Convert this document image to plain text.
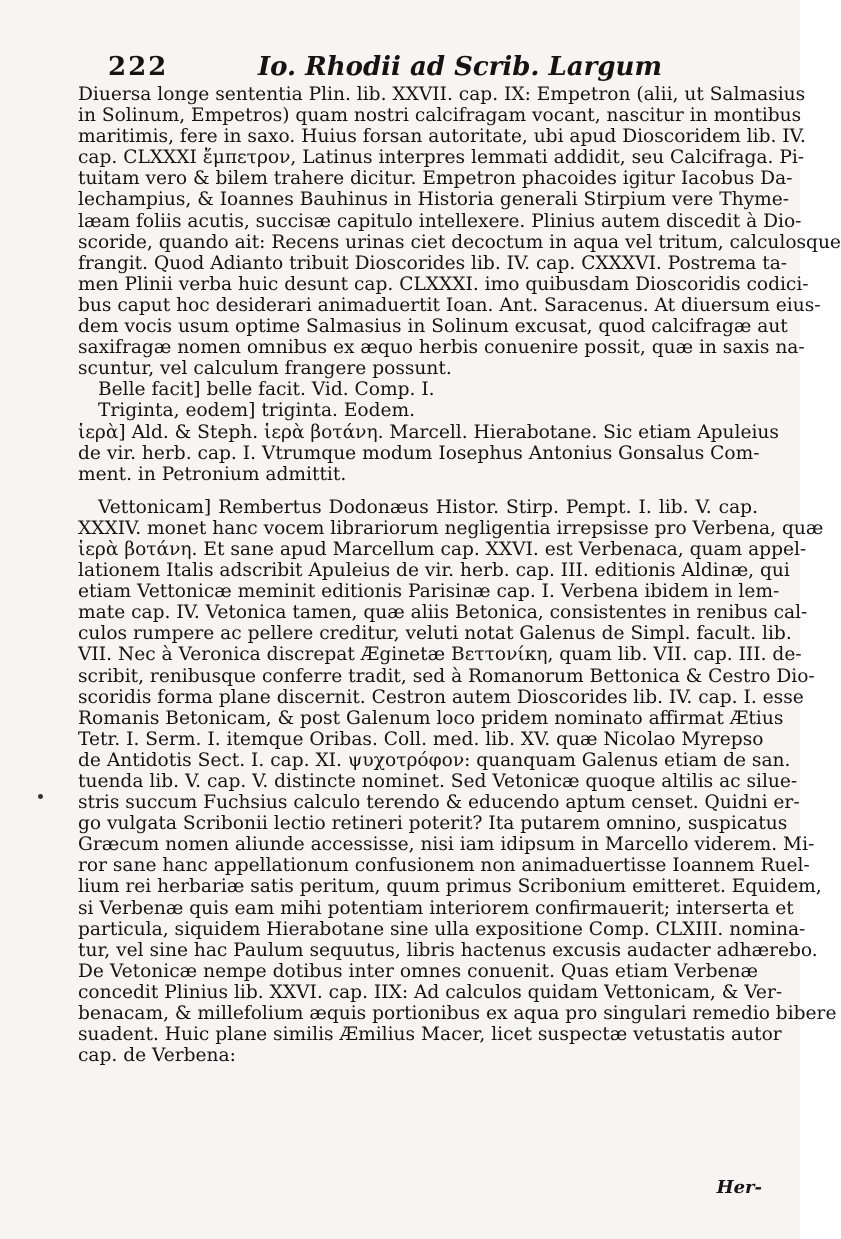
222	Io. Rhodii ad Scrib. Largum
Diuersa longe sententia Plin. lib. XXVII. cap. IX: Empetron (alii, ut Salmasius
in Solinum, Empetros) quam nostri calcifragam vocant, nascitur in montibus
maritimis, fere in saxo. Huius forsan autoritate, ubi apud Dioscoridem lib. IV.
cap. CLXXXI ἔμπετρον, Latinus interpres lemmati addidit, seu Calcifraga. Pi-
tuitam vero & bilem trahere dicitur. Empetron phacoides igitur Iacobus Da-
lechampius, & Ioannes Bauhinus in Historia generali Stirpium vere Thyme-
læam foliis acutis, succisæ capitulo intellexere. Plinius autem discedit à Dio-
scoride, quando ait: Recens urinas ciet decoctum in aqua vel tritum, calculosque
frangit. Quod Adianto tribuit Dioscorides lib. IV. cap. CXXXVI. Postrema ta-
men Plinii verba huic desunt cap. CLXXXI. imo quibusdam Dioscoridis codici-
bus caput hoc desiderari animaduertit Ioan. Ant. Saracenus. At diuersum eius-
dem vocis usum optime Salmasius in Solinum excusat, quod calcifragæ aut
saxifragæ nomen omnibus ex æquo herbis conuenire possit, quæ in saxis na-
scuntur, vel calculum frangere possunt.
Belle facit] belle facit. Vid. Comp. I.
Triginta, eodem] triginta. Eodem.
ἱερὰ] Ald. & Steph. ἱερὰ βοτάνη. Marcell. Hierabotane. Sic etiam Apuleius
de vir. herb. cap. I. Vtrumque modum Iosephus Antonius Gonsalus Com-
ment. in Petronium admittit.
Vettonicam] Rembertus Dodonæus Histor. Stirp. Pempt. I. lib. V. cap.
XXXIV. monet hanc vocem librariorum negligentia irrepsisse pro Verbena, quæ
ἱερὰ βοτάνη. Et sane apud Marcellum cap. XXVI. est Verbenaca, quam appel-
lationem Italis adscribit Apuleius de vir. herb. cap. III. editionis Aldinæ, qui
etiam Vettonicæ meminit editionis Parisinæ cap. I. Verbena ibidem in lem-
mate cap. IV. Vetonica tamen, quæ aliis Betonica, consistentes in renibus cal-
culos rumpere ac pellere creditur, veluti notat Galenus de Simpl. facult. lib.
VII. Nec à Veronica discrepat Æginetæ Βεττονίκη, quam lib. VII. cap. III. de-
scribit, renibusque conferre tradit, sed à Romanorum Bettonica & Cestro Dio-
scoridis forma plane discernit. Cestron autem Dioscorides lib. IV. cap. I. esse
Romanis Betonicam, & post Galenum loco pridem nominato affirmat Ætius
Tetr. I. Serm. I. itemque Oribas. Coll. med. lib. XV. quæ Nicolao Myrepso
de Antidotis Sect. I. cap. XI. ψυχοτρόφον: quanquam Galenus etiam de san.
tuenda lib. V. cap. V. distincte nominet. Sed Vetonicæ quoque altilis ac silue-
stris succum Fuchsius calculo terendo & educendo aptum censet. Quidni er-
go vulgata Scribonii lectio retineri poterit? Ita putarem omnino, suspicatus
Græcum nomen aliunde accessisse, nisi iam idipsum in Marcello viderem. Mi-
ror sane hanc appellationum confusionem non animaduertisse Ioannem Ruel-
lium rei herbariæ satis peritum, quum primus Scribonium emitteret. Equidem,
si Verbenæ quis eam mihi potentiam interiorem confirmauerit; interserta et
particula, siquidem Hierabotane sine ulla expositione Comp. CLXIII. nomina-
tur, vel sine hac Paulum sequutus, libris hactenus excusis audacter adhærebo.
De Vetonicæ nempe dotibus inter omnes conuenit. Quas etiam Verbenæ
concedit Plinius lib. XXVI. cap. IIX: Ad calculos quidam Vettonicam, & Ver-
benacam, & millefolium æquis portionibus ex aqua pro singulari remedio bibere
suadent. Huic plane similis Æmilius Macer, licet suspectæ vetustatis autor
cap. de Verbena:
Her-
